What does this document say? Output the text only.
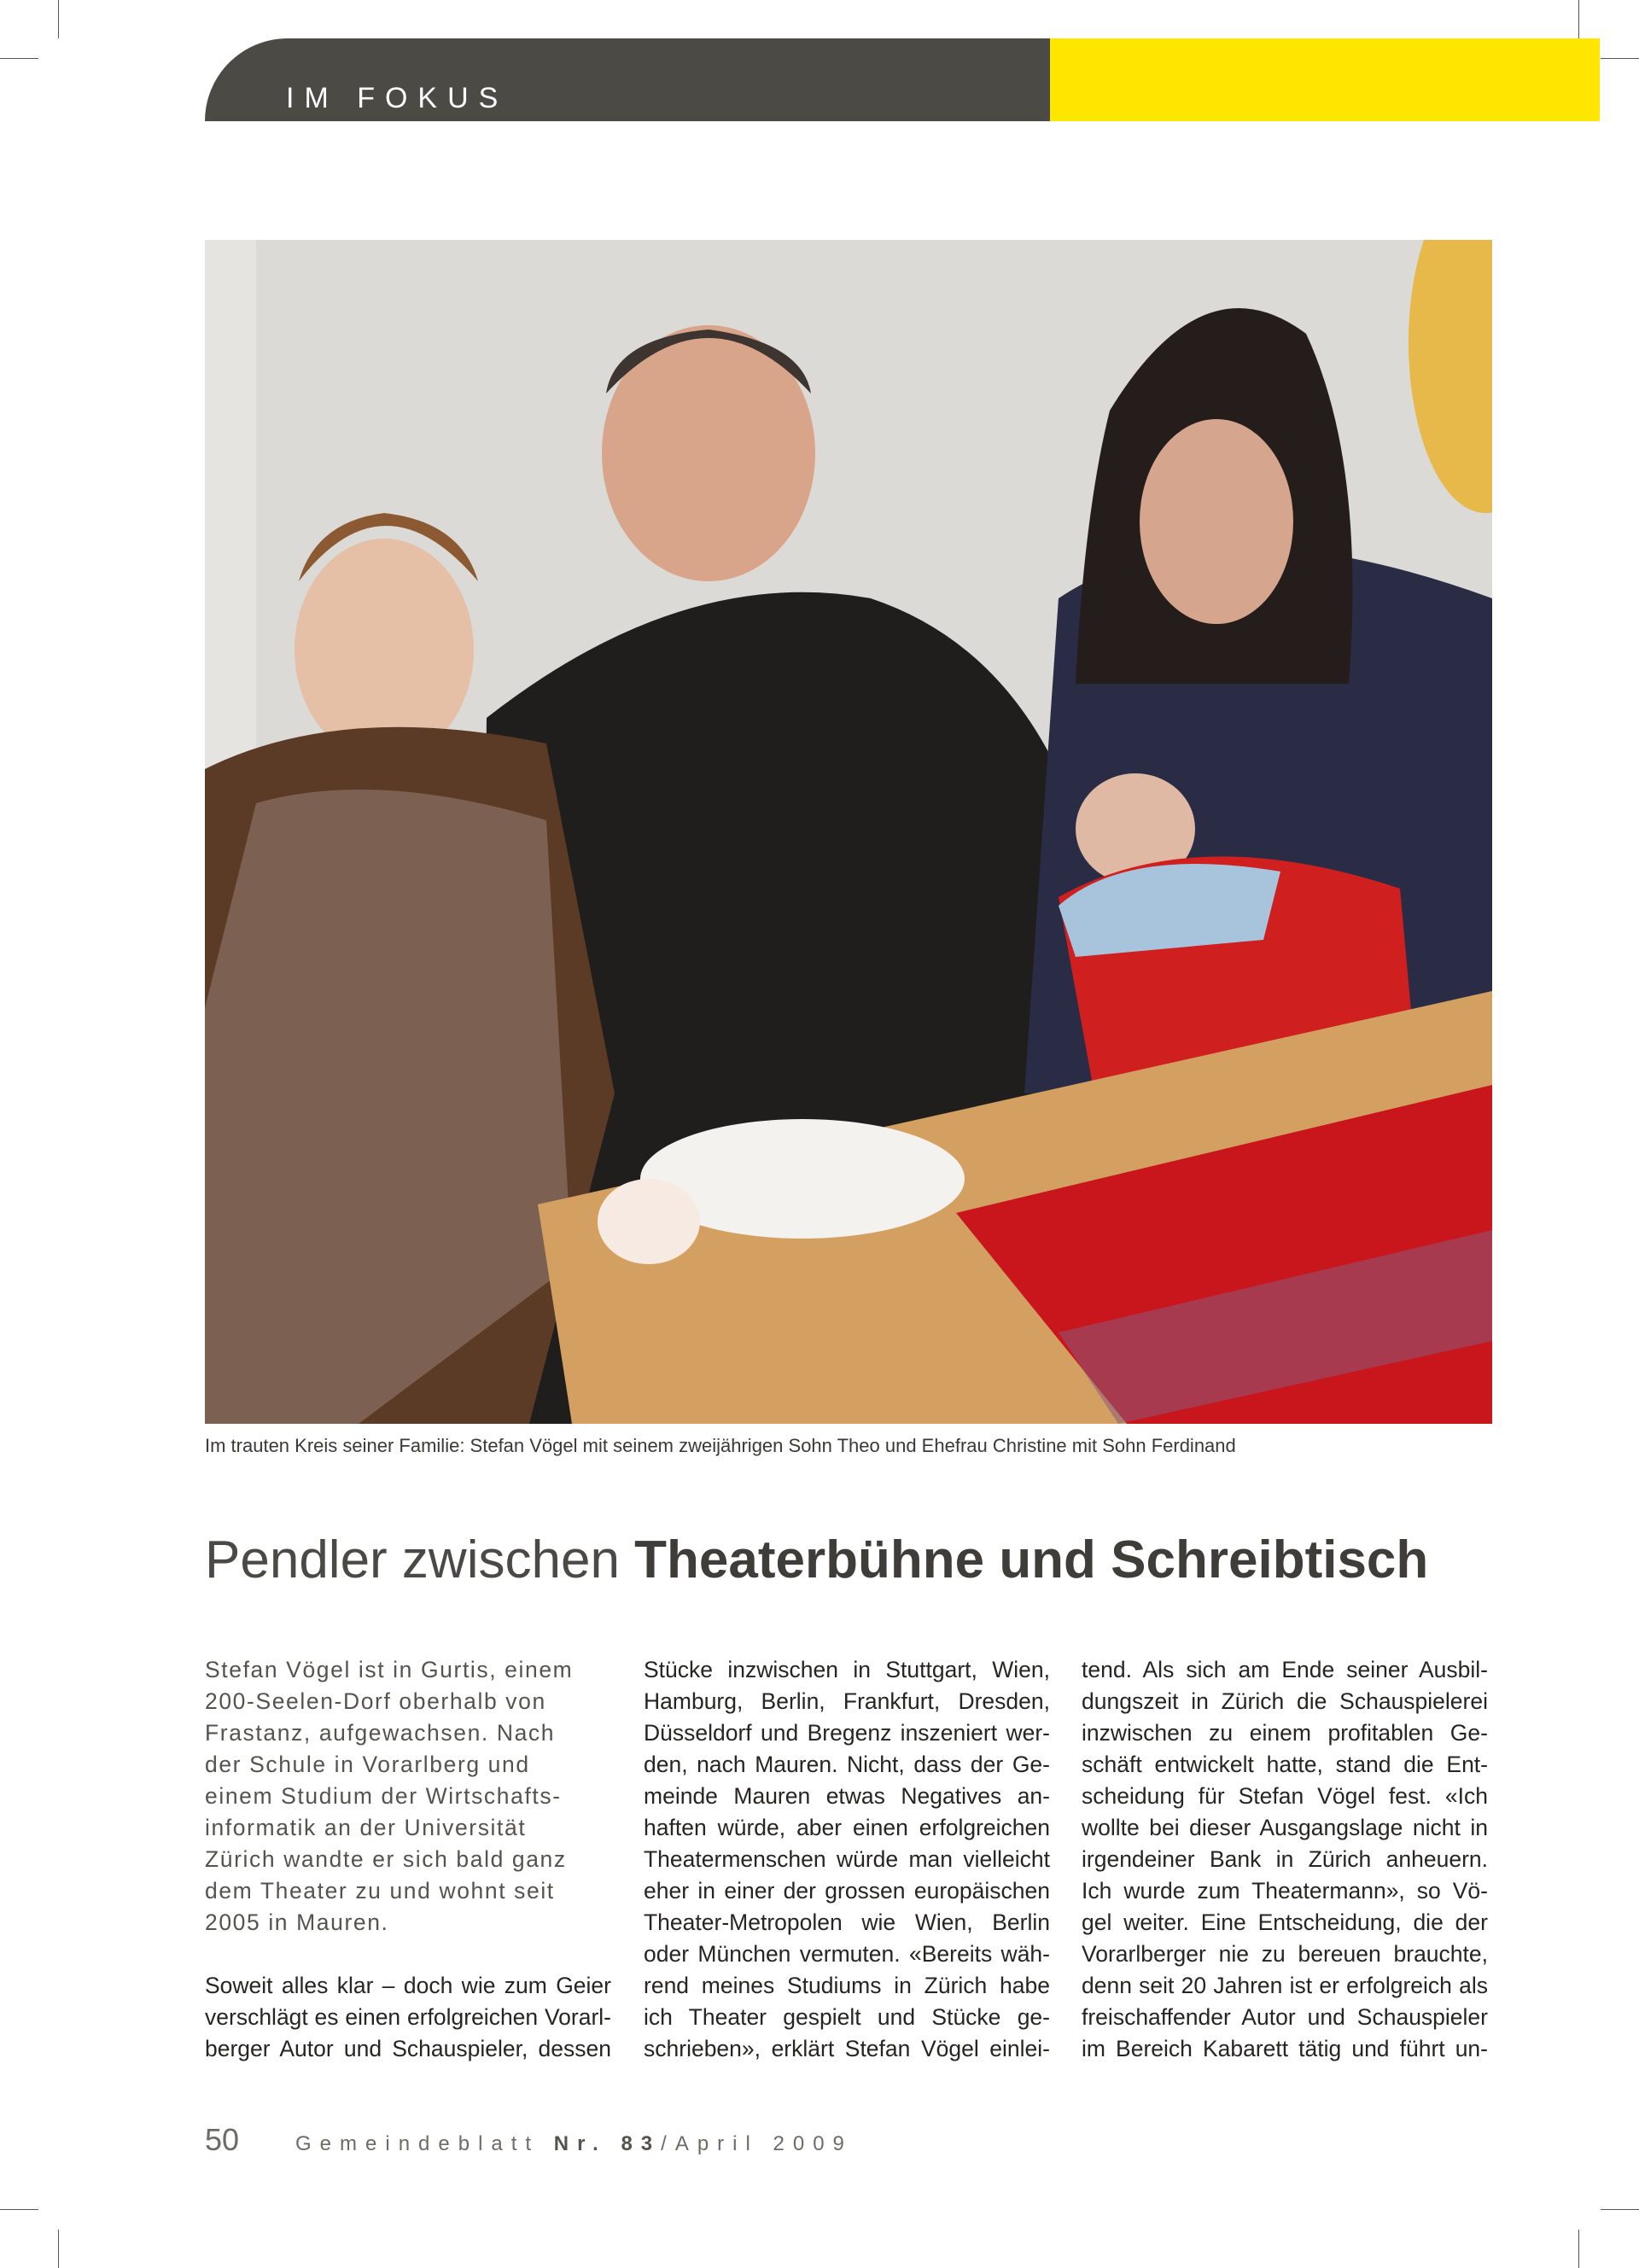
IM FOKUS

Im trauten Kreis seiner Familie: Stefan Vögel mit seinem zweijährigen Sohn Theo und Ehefrau Christine mit Sohn Ferdinand

Pendler zwischen Theaterbühne und Schreibtisch

Stefan Vögel ist in Gurtis, einem
200-Seelen-Dorf oberhalb von
Frastanz, aufgewachsen. Nach
der Schule in Vorarlberg und
einem Studium der Wirtschafts-
informatik an der Universität
Zürich wandte er sich bald ganz
dem Theater zu und wohnt seit
2005 in Mauren.

Soweit alles klar – doch wie zum Geier
verschlägt es einen erfolgreichen Vorarl-
berger Autor und Schauspieler, dessen

Stücke inzwischen in Stuttgart, Wien,
Hamburg, Berlin, Frankfurt, Dresden,
Düsseldorf und Bregenz inszeniert wer-
den, nach Mauren. Nicht, dass der Ge-
meinde Mauren etwas Negatives an-
haften würde, aber einen erfolgreichen
Theatermenschen würde man vielleicht
eher in einer der grossen europäischen
Theater-Metropolen wie Wien, Berlin
oder München vermuten. «Bereits wäh-
rend meines Studiums in Zürich habe
ich Theater gespielt und Stücke ge-
schrieben», erklärt Stefan Vögel einlei-

tend. Als sich am Ende seiner Ausbil-
dungszeit in Zürich die Schauspielerei
inzwischen zu einem profitablen Ge-
schäft entwickelt hatte, stand die Ent-
scheidung für Stefan Vögel fest. «Ich
wollte bei dieser Ausgangslage nicht in
irgendeiner Bank in Zürich anheuern.
Ich wurde zum Theatermann», so Vö-
gel weiter. Eine Entscheidung, die der
Vorarlberger nie zu bereuen brauchte,
denn seit 20 Jahren ist er erfolgreich als
freischaffender Autor und Schauspieler
im Bereich Kabarett tätig und führt un-

50	Gemeindeblatt Nr. 83/April 2009
